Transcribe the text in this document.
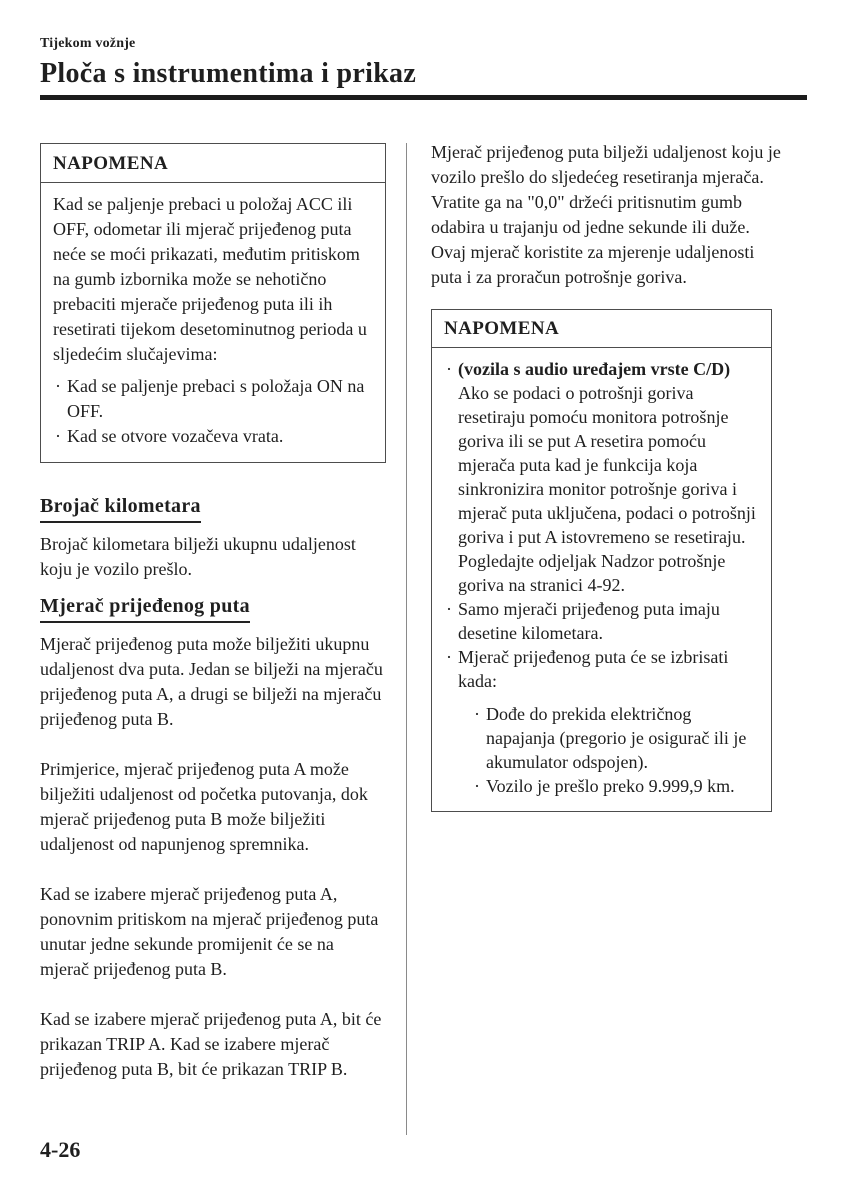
Tijekom vožnje
Ploča s instrumentima i prikaz
NAPOMENA

Kad se paljenje prebaci u položaj ACC ili OFF, odometar ili mjerač prijeđenog puta neće se moći prikazati, međutim pritiskom na gumb izbornika može se nehotično prebaciti mjerače prijeđenog puta ili ih resetirati tijekom desetominutnog perioda u sljedećim slučajevima:

· Kad se paljenje prebaci s položaja ON na OFF.
· Kad se otvore vozačeva vrata.
Brojač kilometara

Brojač kilometara bilježi ukupnu udaljenost koju je vozilo prešlo.

Mjerač prijeđenog puta

Mjerač prijeđenog puta može bilježiti ukupnu udaljenost dva puta. Jedan se bilježi na mjeraču prijeđenog puta A, a drugi se bilježi na mjeraču prijeđenog puta B.

Primjerice, mjerač prijeđenog puta A može bilježiti udaljenost od početka putovanja, dok mjerač prijeđenog puta B može bilježiti udaljenost od napunjenog spremnika.

Kad se izabere mjerač prijeđenog puta A, ponovnim pritiskom na mjerač prijeđenog puta unutar jedne sekunde promijenit će se na mjerač prijeđenog puta B.

Kad se izabere mjerač prijeđenog puta A, bit će prikazan TRIP A. Kad se izabere mjerač prijeđenog puta B, bit će prikazan TRIP B.

Mjerač prijeđenog puta bilježi udaljenost koju je vozilo prešlo do sljedećeg resetiranja mjerača. Vratite ga na "0,0" držeći pritisnutim gumb odabira u trajanju od jedne sekunde ili duže. Ovaj mjerač koristite za mjerenje udaljenosti puta i za proračun potrošnje goriva.

NAPOMENA
· (vozila s audio uređajem vrste C/D)
Ako se podaci o potrošnji goriva resetiraju pomoću monitora potrošnje goriva ili se put A resetira pomoću mjerača puta kad je funkcija koja sinkronizira monitor potrošnje goriva i mjerač puta uključena, podaci o potrošnji goriva i put A istovremeno se resetiraju.
Pogledajte odjeljak Nadzor potrošnje goriva na stranici 4-92.
· Samo mjerači prijeđenog puta imaju desetine kilometara.
· Mjerač prijeđenog puta će se izbrisati kada:
· Dođe do prekida električnog napajanja (pregorio je osigurač ili je akumulator odspojen).
· Vozilo je prešlo preko 9.999,9 km.
4-26
